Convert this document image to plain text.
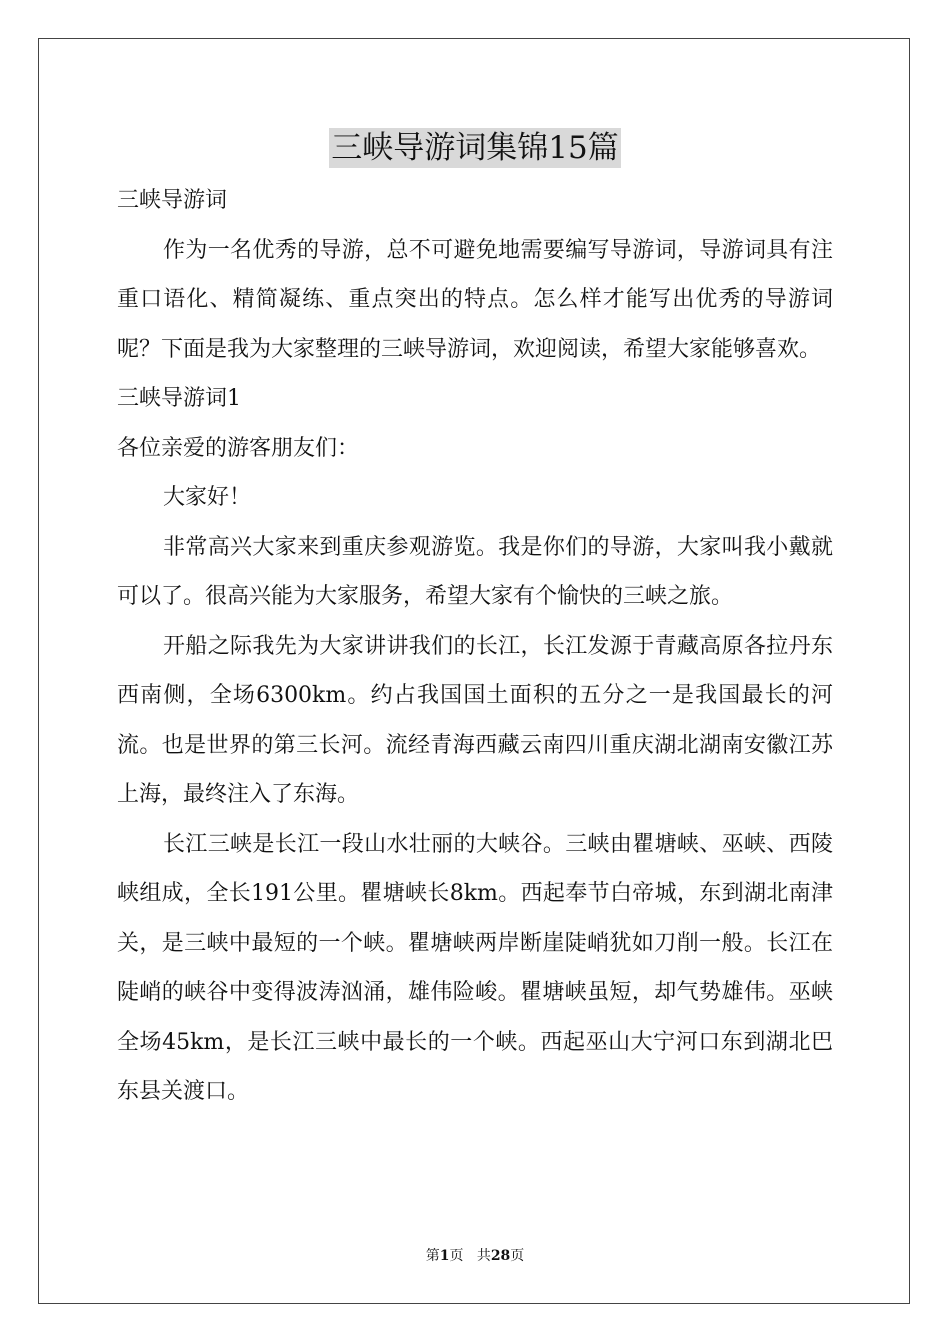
三峡导游词集锦15篇

三峡导游词

作为一名优秀的导游，总不可避免地需要编写导游词，导游词具有注重口语化、精简凝练、重点突出的特点。怎么样才能写出优秀的导游词呢？下面是我为大家整理的三峡导游词，欢迎阅读，希望大家能够喜欢。

三峡导游词1

各位亲爱的游客朋友们：

大家好！

非常高兴大家来到重庆参观游览。我是你们的导游，大家叫我小戴就可以了。很高兴能为大家服务，希望大家有个愉快的三峡之旅。

开船之际我先为大家讲讲我们的长江，长江发源于青藏高原各拉丹东西南侧，全场6300km。约占我国国土面积的五分之一是我国最长的河流。也是世界的第三长河。流经青海西藏云南四川重庆湖北湖南安徽江苏上海，最终注入了东海。

长江三峡是长江一段山水壮丽的大峡谷。三峡由瞿塘峡、巫峡、西陵峡组成，全长191公里。瞿塘峡长8km。西起奉节白帝城，东到湖北南津关，是三峡中最短的一个峡。瞿塘峡两岸断崖陡峭犹如刀削一般。长江在陡峭的峡谷中变得波涛汹涌，雄伟险峻。瞿塘峡虽短，却气势雄伟。巫峡全场45km，是长江三峡中最长的一个峡。西起巫山大宁河口东到湖北巴东县关渡口。

第1页 共28页
